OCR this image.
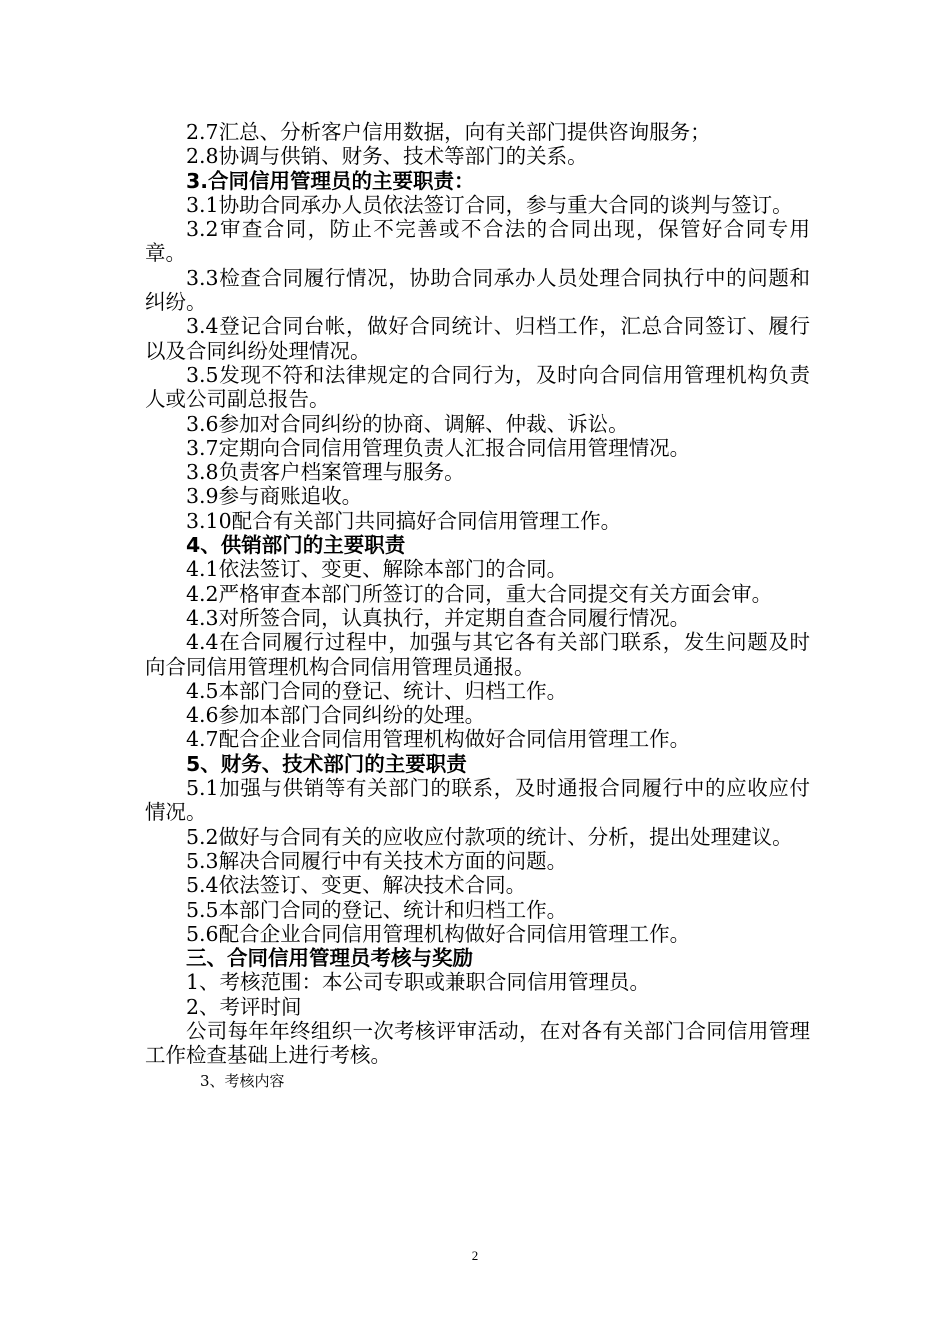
2.7汇总、分析客户信用数据，向有关部门提供咨询服务；

2.8协调与供销、财务、技术等部门的关系。

3.合同信用管理员的主要职责：

3.1协助合同承办人员依法签订合同，参与重大合同的谈判与签订。

3.2审查合同，防止不完善或不合法的合同出现，保管好合同专用章。

3.3检查合同履行情况，协助合同承办人员处理合同执行中的问题和纠纷。

3.4登记合同台帐，做好合同统计、归档工作，汇总合同签订、履行以及合同纠纷处理情况。

3.5发现不符和法律规定的合同行为，及时向合同信用管理机构负责人或公司副总报告。

3.6参加对合同纠纷的协商、调解、仲裁、诉讼。

3.7定期向合同信用管理负责人汇报合同信用管理情况。

3.8负责客户档案管理与服务。

3.9参与商账追收。

3.10配合有关部门共同搞好合同信用管理工作。

4、供销部门的主要职责

4.1依法签订、变更、解除本部门的合同。

4.2严格审查本部门所签订的合同，重大合同提交有关方面会审。

4.3对所签合同，认真执行，并定期自查合同履行情况。

4.4在合同履行过程中，加强与其它各有关部门联系，发生问题及时向合同信用管理机构合同信用管理员通报。

4.5本部门合同的登记、统计、归档工作。

4.6参加本部门合同纠纷的处理。

4.7配合企业合同信用管理机构做好合同信用管理工作。

5、财务、技术部门的主要职责

5.1加强与供销等有关部门的联系，及时通报合同履行中的应收应付情况。

5.2做好与合同有关的应收应付款项的统计、分析，提出处理建议。

5.3解决合同履行中有关技术方面的问题。

5.4依法签订、变更、解决技术合同。

5.5本部门合同的登记、统计和归档工作。

5.6配合企业合同信用管理机构做好合同信用管理工作。

三、合同信用管理员考核与奖励

1、考核范围：本公司专职或兼职合同信用管理员。

2、考评时间

公司每年年终组织一次考核评审活动，在对各有关部门合同信用管理工作检查基础上进行考核。

3、考核内容

2
